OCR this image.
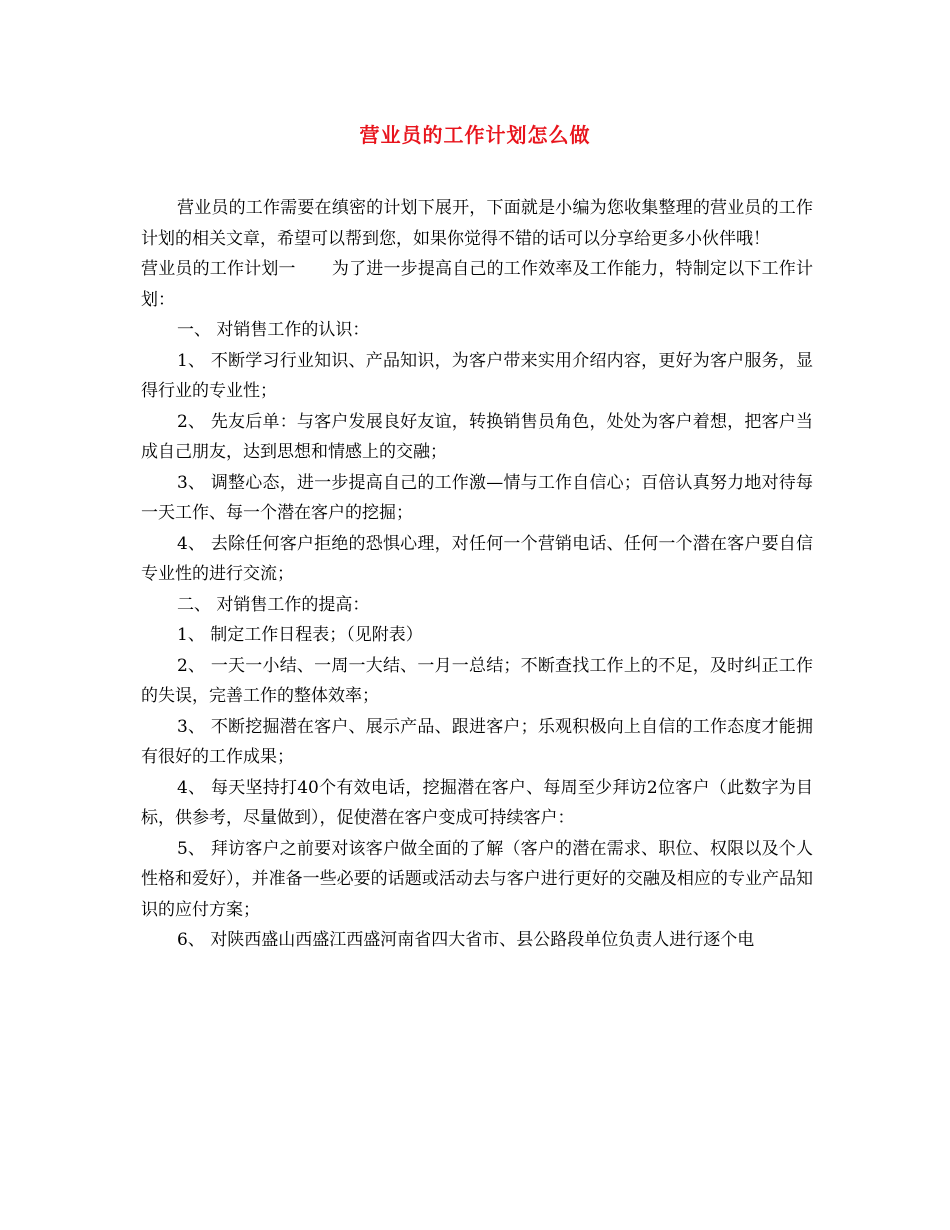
营业员的工作计划怎么做

营业员的工作需要在缜密的计划下展开，下面就是小编为您收集整理的营业员的工作计划的相关文章，希望可以帮到您，如果你觉得不错的话可以分享给更多小伙伴哦！

营业员的工作计划一 为了进一步提高自己的工作效率及工作能力，特制定以下工作计划：

一、 对销售工作的认识：

1、 不断学习行业知识、产品知识，为客户带来实用介绍内容，更好为客户服务，显得行业的专业性；

2、 先友后单：与客户发展良好友谊，转换销售员角色，处处为客户着想，把客户当成自己朋友，达到思想和情感上的交融；

3、 调整心态，进一步提高自己的工作激—情与工作自信心；百倍认真努力地对待每一天工作、每一个潜在客户的挖掘；

4、 去除任何客户拒绝的恐惧心理，对任何一个营销电话、任何一个潜在客户要自信专业性的进行交流；

二、 对销售工作的提高：

1、 制定工作日程表；（见附表）

2、 一天一小结、一周一大结、一月一总结；不断查找工作上的不足，及时纠正工作的失误，完善工作的整体效率；

3、 不断挖掘潜在客户、展示产品、跟进客户；乐观积极向上自信的工作态度才能拥有很好的工作成果；

4、 每天坚持打40个有效电话，挖掘潜在客户、每周至少拜访2位客户（此数字为目标，供参考，尽量做到），促使潜在客户变成可持续客户：

5、 拜访客户之前要对该客户做全面的了解（客户的潜在需求、职位、权限以及个人性格和爱好），并准备一些必要的话题或活动去与客户进行更好的交融及相应的专业产品知识的应付方案；

6、 对陕西盛山西盛江西盛河南省四大省市、县公路段单位负责人进行逐个电
